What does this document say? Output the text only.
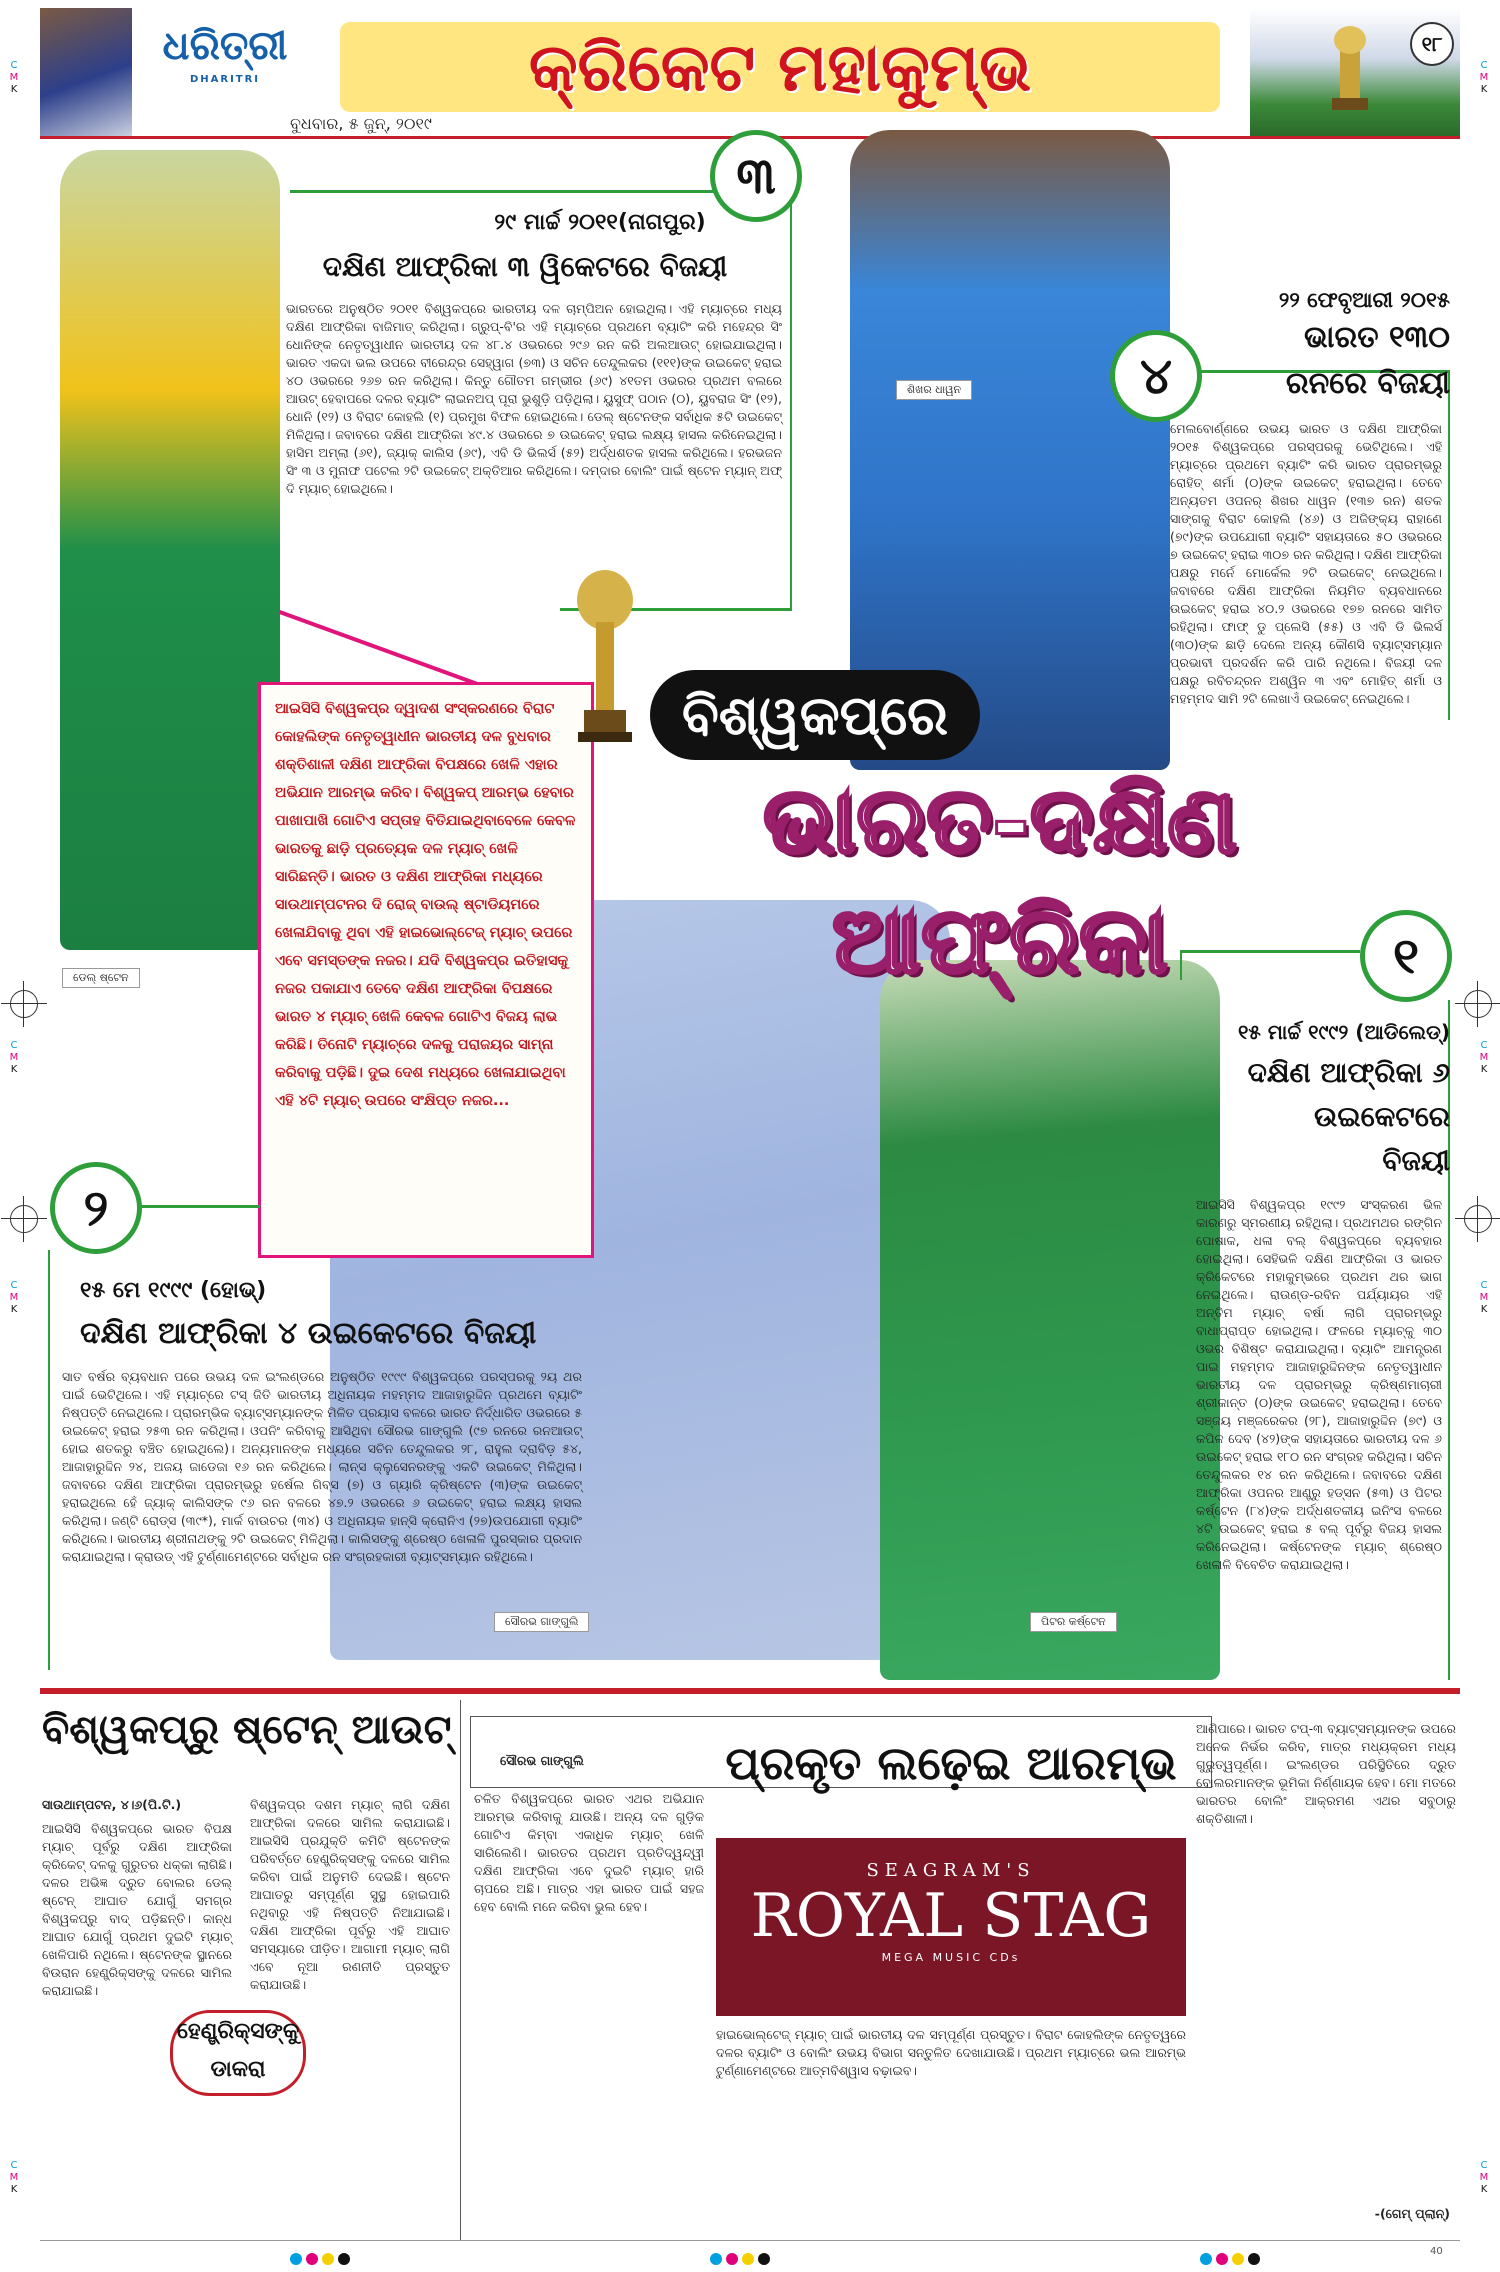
ଧରିତ୍ରୀ
DHARITRI	କ୍ରିକେଟ ମହାକୁମ୍ଭ
ବୁଧବାର, ୫ ଜୁନ୍, ୨୦୧୯
୧୮
C
M
K
C
M
K
C
M
K
C
M
K
C
M
K
C
M
K
C
M
K
C
M
K
ଡେଲ୍ ଷ୍ଟେନ
ଶିଖର ଧାୱନ
ସୌରଭ ଗାଙ୍ଗୁଲି	ପିଟର କର୍ଷ୍ଟେନ
୩
୨୯ ମାର୍ଚ୍ଚ ୨୦୧୧(ନାଗପୁର)
ଦକ୍ଷିଣ ଆଫ୍ରିକା ୩ ୱିକେଟରେ ବିଜୟୀ
ଭାରତରେ ଅନୁଷ୍ଠିତ ୨୦୧୧ ବିଶ୍ୱକପ୍‌ରେ ଭାରତୀୟ ଦଳ ଚାମ୍ପିଅନ ହୋଇଥିଲା। ଏହି ମ୍ୟାଚ୍‌ରେ ମଧ୍ୟ ଦକ୍ଷିଣ ଆଫ୍ରିକା ବାଜିମାତ୍ କରିଥିଲା। ଗ୍ରୁପ୍-ବି'ର ଏହି ମ୍ୟାଚ୍‌ରେ ପ୍ରଥମେ ବ୍ୟାଟିଂ କରି ମହେନ୍ଦ୍ର ସିଂ ଧୋନିଙ୍କ ନେତୃତ୍ୱାଧୀନ ଭାରତୀୟ ଦଳ ୪୮.୪ ଓଭରରେ ୨୯୬ ରନ କରି ଅଲଆଉଟ୍ ହୋଇଯାଇଥିଲା। ଭାରତ ଏକଦା ଭଲ ଉପରେ ବୀରେନ୍ଦ୍ର ସେହ୍‌ୱାଗ (୭୩) ଓ ସଚିନ ତେନ୍ଦୁଲକର (୧୧୧)ଙ୍କ ଉଇକେଟ୍ ହରାଇ ୪୦ ଓଭରରେ ୨୬୭ ରନ କରିଥିଲା। କିନ୍ତୁ ଗୌତମ ଗମ୍ଭୀର (୬୯) ୪୧ତମ ଓଭରର ପ୍ରଥମ ବଲରେ ଆଉଟ୍ ହେବାପରେ ଦଳର ବ୍ୟାଟିଂ ଲାଇନଅପ୍ ପୂରା ଭୁଶୁଡ଼ି ପଡ଼ିଥିଲା। ୟୁସୁଫ୍ ପଠାନ (୦), ୟୁବରାଜ ସିଂ (୧୨), ଧୋନି (୧୨) ଓ ବିରାଟ କୋହଲି (୧) ପ୍ରମୁଖ ବିଫଳ ହୋଇଥିଲେ। ଡେଲ୍ ଷ୍ଟେନଙ୍କ ସର୍ବାଧିକ ୫ଟି ଉଇକେଟ୍ ମିଳିଥିଲା। ଜବାବରେ ଦକ୍ଷିଣ ଆଫ୍ରିକା ୪୯.୪ ଓଭରରେ ୭ ଉଇକେଟ୍ ହରାଇ ଲକ୍ଷ୍ୟ ହାସଲ କରିନେଇଥିଲା। ହାସିମ ଅମ୍ଲା (୬୧), ଜ୍ୟାକ୍ କାଲିସ (୬୯), ଏବି ଡି ଭିଲର୍ସ (୫୨) ଅର୍ଦ୍ଧଶତକ ହାସଲ କରିଥିଲେ। ହରଭଜନ ସିଂ ୩ ଓ ମୁନାଫ ପଟେଲ ୨ଟି ଉଇକେଟ୍ ଅକ୍ତିଆର କରିଥିଲେ। ଦମ୍ଦାର ବୋଲିଂ ପାଇଁ ଷ୍ଟେନ ମ୍ୟାନ୍ ଅଫ୍ ଦି ମ୍ୟାଚ୍ ହୋଇଥିଲେ।
୪
୨୨ ଫେବୃଆରୀ ୨୦୧୫
ଭାରତ ୧୩୦
ରନରେ ବିଜୟୀ
ମେଲବୋର୍ଣ୍ଣରେ ଉଭୟ ଭାରତ ଓ ଦକ୍ଷିଣ ଆଫ୍ରିକା ୨୦୧୫ ବିଶ୍ୱକପ୍‌ରେ ପରସ୍ପରକୁ ଭେଟିଥିଲେ। ଏହି ମ୍ୟାଚ୍‌ରେ ପ୍ରଥମେ ବ୍ୟାଟିଂ କରି ଭାରତ ପ୍ରାରମ୍ଭରୁ ରୋହିତ୍ ଶର୍ମା (୦)ଙ୍କ ଉଇକେଟ୍ ହରାଇଥିଲା। ତେବେ ଅନ୍ୟତମ ଓପନର୍ ଶିଖର ଧାୱନ (୧୩୭ ରନ) ଶତକ ସାଙ୍ଗକୁ ବିରାଟ କୋହଲି (୪୬) ଓ ଅଜିଙ୍କ୍ୟ ରାହାଣେ (୭୯)ଙ୍କ ଉପଯୋଗୀ ବ୍ୟାଟିଂ ସହାୟତାରେ ୫୦ ଓଭରରେ ୭ ଉଇକେଟ୍ ହରାଇ ୩୦୭ ରନ କରିଥିଲା। ଦକ୍ଷିଣ ଆଫ୍ରିକା ପକ୍ଷରୁ ମର୍ନେ ମୋର୍କେଲ ୨ଟି ଉଇକେଟ୍ ନେଇଥିଲେ। ଜବାବରେ ଦକ୍ଷିଣ ଆଫ୍ରିକା ନିୟମିତ ବ୍ୟବଧାନରେ ଉଇକେଟ୍ ହରାଇ ୪୦.୨ ଓଭରରେ ୧୭୭ ରନରେ ସାମିତ ରହିଥିଲା। ଫାଫ୍ ଡୁ ପ୍ଲେସି (୫୫) ଓ ଏବି ଡି ଭିଲର୍ସ (୩୦)ଙ୍କ ଛାଡ଼ି ଦେଲେ ଅନ୍ୟ କୌଣସି ବ୍ୟାଟ୍ସମ୍ୟାନ ପ୍ରଭାବୀ ପ୍ରଦର୍ଶନ କରି ପାରି ନଥିଲେ। ବିଜୟୀ ଦଳ ପକ୍ଷରୁ ରବିଚନ୍ଦ୍ରନ ଅଶ୍ୱିନ ୩ ଏବଂ ମୋହିତ୍ ଶର୍ମା ଓ ମହମ୍ମଦ ସାମି ୨ଟି ଲେଖାଏଁ ଉଇକେଟ୍ ନେଇଥିଲେ।
ଆଇସିସି ବିଶ୍ୱକପ୍‌ର ଦ୍ୱାଦଶ ସଂସ୍କରଣରେ ବିରାଟ କୋହଲିଙ୍କ ନେତୃତ୍ୱାଧୀନ ଭାରତୀୟ ଦଳ ବୁଧବାର ଶକ୍ତିଶାଳୀ ଦକ୍ଷିଣ ଆଫ୍ରିକା ବିପକ୍ଷରେ ଖେଳି ଏହାର ଅଭିଯାନ ଆରମ୍ଭ କରିବ। ବିଶ୍ୱକପ୍ ଆରମ୍ଭ ହେବାର ପାଖାପାଖି ଗୋଟିଏ ସପ୍ତାହ ବିତିଯାଇଥିବାବେଳେ କେବଳ ଭାରତକୁ ଛାଡ଼ି ପ୍ରତ୍ୟେକ ଦଳ ମ୍ୟାଚ୍ ଖେଳି ସାରିଛନ୍ତି। ଭାରତ ଓ ଦକ୍ଷିଣ ଆଫ୍ରିକା ମଧ୍ୟରେ ସାଉଥାମ୍ପଟନର ଦି ରୋଜ୍ ବାଉଲ୍ ଷ୍ଟାଡିୟମରେ ଖେଳାଯିବାକୁ ଥିବା ଏହି ହାଇଭୋଲ୍ଟେଜ୍ ମ୍ୟାଚ୍ ଉପରେ ଏବେ ସମସ୍ତଙ୍କ ନଜର। ଯଦି ବିଶ୍ୱକପ୍‌ର ଇତିହାସକୁ ନଜର ପକାଯାଏ ତେବେ ଦକ୍ଷିଣ ଆଫ୍ରିକା ବିପକ୍ଷରେ ଭାରତ ୪ ମ୍ୟାଚ୍ ଖେଳି କେବଳ ଗୋଟିଏ ବିଜୟ ଲାଭ କରିଛି। ତିନୋଟି ମ୍ୟାଚ୍‌ରେ ଦଳକୁ ପରାଜୟର ସାମ୍ନା କରିବାକୁ ପଡ଼ିଛି। ଦୁଇ ଦେଶ ମଧ୍ୟରେ ଖେଳାଯାଇଥିବା ଏହି ୪ଟି ମ୍ୟାଚ୍ ଉପରେ ସଂକ୍ଷିପ୍ତ ନଜର...
ବିଶ୍ୱକପ୍‌ରେ
ଭାରତ-ଦକ୍ଷିଣ ଆଫ୍ରିକା	୧
୧୫ ମାର୍ଚ୍ଚ ୧୯୯୨ (ଆଡିଲେଡ୍)
ଦକ୍ଷିଣ ଆଫ୍ରିକା ୬
ଉଇକେଟରେ
ବିଜୟୀ
ଆଇସିସି ବିଶ୍ୱକପ୍‌ର ୧୯୯୨ ସଂସ୍କରଣ ଭିଳ କାରଣରୁ ସ୍ମରଣୀୟ ରହିଥିଲା। ପ୍ରଥମଥର ରଙ୍ଗିନ ପୋଷାକ, ଧଳା ବଲ୍ ବିଶ୍ୱକପ୍‌ରେ ବ୍ୟବହାର ହୋଇଥିଲା। ସେହିଭଳି ଦକ୍ଷିଣ ଆଫ୍ରିକା ଓ ଭାରତ କ୍ରିକେଟରେ ମହାକୁମ୍ଭରେ ପ୍ରଥମ ଥର ଭାଗ ନେଇଥିଲେ। ରାଉଣ୍ଡ-ରବିନ ପର୍ଯ୍ୟାୟର ଏହି ଅନ୍ତିମ ମ୍ୟାଚ୍ ବର୍ଷା ଲାଗି ପ୍ରାରମ୍ଭରୁ ବାଧାପ୍ରାପ୍ତ ହୋଇଥିଲା। ଫଳରେ ମ୍ୟାଚ୍‌କୁ ୩୦ ଓଭର ବିଶିଷ୍ଟ କରାଯାଇଥିଲା। ବ୍ୟାଟିଂ ଆମନ୍ତ୍ରଣ ପାଇ ମହମ୍ମଦ ଆଜାହାରୁଦ୍ଦିନଙ୍କ ନେତୃତ୍ୱାଧୀନ ଭାରତୀୟ ଦଳ ପ୍ରାରମ୍ଭରୁ କ୍ରିଷ୍ଣମାଚାରୀ ଶ୍ରୀକାନ୍ତ (୦)ଙ୍କ ଉଇକେଟ୍ ହରାଇଥିଲା। ତେବେ ସଞ୍ଜୟ ମଞ୍ଜରେକର (୨୮), ଆଜାହାରୁଦ୍ଦିନ (୭୯) ଓ କପିଳ ଦେବ (୪୨)ଙ୍କ ସହାୟତାରେ ଭାରତୀୟ ଦଳ ୬ ଉଇକେଟ୍ ହରାଇ ୧୮୦ ରନ ସଂଗ୍ରହ କରିଥିଲା। ସଚିନ ତେନ୍ଦୁଲକର ୧୪ ରନ କରିଥିଲେ। ଜବାବରେ ଦକ୍ଷିଣ ଆଫ୍ରିକା ଓପନର ଆଣ୍ଡ୍ରୁ ହଡ୍‌ସନ (୫୩) ଓ ପିଟର କର୍ଷ୍ଟେନ (୮୪)ଙ୍କ ଅର୍ଦ୍ଧଶତକୀୟ ଇନିଂସ ବଳରେ ୪ଟି ଉଇକେଟ୍ ହରାଇ ୫ ବଲ୍ ପୂର୍ବରୁ ବିଜୟ ହାସଲ କରିନେଇଥିଲା। କର୍ଷ୍ଟେନଙ୍କ ମ୍ୟାଚ୍ ଶ୍ରେଷ୍ଠ ଖେଳାଳି ବିବେଚିତ କରାଯାଇଥିଲା।
୨
୧୫ ମେ ୧୯୯୯ (ହୋଭ୍)
ଦକ୍ଷିଣ ଆଫ୍ରିକା ୪ ଉଇକେଟରେ ବିଜୟୀ
ସାତ ବର୍ଷର ବ୍ୟବଧାନ ପରେ ଉଭୟ ଦଳ ଇଂଲଣ୍ଡରେ ଅନୁଷ୍ଠିତ ୧୯୯୯ ବିଶ୍ୱକପ୍‌ରେ ପରସ୍ପରକୁ ୨ୟ ଥର ପାଇଁ ଭେଟିଥିଲେ। ଏହି ମ୍ୟାଚ୍‌ରେ ଟସ୍ ଜିତି ଭାରତୀୟ ଅଧିନାୟକ ମହମ୍ମଦ ଆଜାହାରୁଦ୍ଦିନ ପ୍ରଥମେ ବ୍ୟାଟିଂ ନିଷ୍ପତ୍ତି ନେଇଥିଲେ। ପ୍ରାରମ୍ଭିକ ବ୍ୟାଟ୍ସମ୍ୟାନଙ୍କ ମିଳିତ ପ୍ରୟାସ ବଳରେ ଭାରତ ନିର୍ଦ୍ଧାରିତ ଓଭରରେ ୫ ଉଇକେଟ୍ ହରାଇ ୨୫୩ ରନ କରିଥିଲା। ଓପନିଂ କରିବାକୁ ଆସିଥିବା ସୌରଭ ଗାଙ୍ଗୁଲି (୯୭ ରନରେ ରନଆଉଟ୍ ହୋଇ ଶତକରୁ ବଞ୍ଚିତ ହୋଇଥିଲେ)। ଅନ୍ୟମାନଙ୍କ ମଧ୍ୟରେ ସଚିନ ତେନ୍ଦୁଲକର ୨୮, ରାହୁଲ ଦ୍ରାବିଡ଼ ୫୪, ଆଜାହାରୁଦ୍ଦିନ ୨୪, ଅଜୟ ଜାଡେଜା ୧୬ ରନ କରିଥିଲେ। ଲାନ୍ସ କ୍ଲୁସେନରଙ୍କୁ ଏକଟି ଉଇକେଟ୍ ମିଳିଥିଲା। ଜବାବରେ ଦକ୍ଷିଣ ଆଫ୍ରିକା ପ୍ରାରମ୍ଭରୁ ହର୍ଷେଲ ଗିବ୍ସ (୭) ଓ ଗ୍ୟାରି କ୍ରିଷ୍ଟେନ (୩)ଙ୍କ ଉଇକେଟ୍ ହରାଇଥିଲେ ହେଁ ଜ୍ୟାକ୍ କାଲିସଙ୍କ ୯୬ ରନ ବଳରେ ୪୭.୨ ଓଭରରେ ୬ ଉଇକେଟ୍ ହରାଇ ଲକ୍ଷ୍ୟ ହାସଲ କରିଥିଲା। ଜଣ୍ଟି ରୋଡ୍ସ (୩୯*), ମାର୍କ ବାଉଚର (୩୪) ଓ ଅଧିନାୟକ ହାନ୍ସି କ୍ରୋନିଏ (୨୭)ଉପଯୋଗୀ ବ୍ୟାଟିଂ କରିଥିଲେ। ଭାରତୀୟ ଶ୍ରୀନାଥଙ୍କୁ ୨ଟି ଉଇକେଟ୍ ମିଳିଥିଲା। କାଲିସଙ୍କୁ ଶ୍ରେଷ୍ଠ ଖେଳାଳି ପୁରସ୍କାର ପ୍ରଦାନ କରାଯାଇଥିଲା। କ୍ରାଉଡ୍ ଏହି ଟୁର୍ଣ୍ଣାମେଣ୍ଟରେ ସର୍ବାଧିକ ରନ ସଂଗ୍ରହକାରୀ ବ୍ୟାଟ୍ସମ୍ୟାନ ରହିଥିଲେ।
ବିଶ୍ୱକପ୍‌ରୁ ଷ୍ଟେନ୍ ଆଉଟ୍
ସାଉଥାମ୍ପଟନ, ୪।୬(ପି.ଟି.)
ଆଇସିସି ବିଶ୍ୱକପ୍‌ରେ ଭାରତ ବିପକ୍ଷ ମ୍ୟାଚ୍ ପୂର୍ବରୁ ଦକ୍ଷିଣ ଆଫ୍ରିକା କ୍ରିକେଟ୍ ଦଳକୁ ଗୁରୁତର ଧକ୍କା ଲାଗିଛି। ଦଳର ଅଭିଜ୍ଞ ଦ୍ରୁତ ବୋଲର ଡେଲ୍ ଷ୍ଟେନ୍ ଆଘାତ ଯୋଗୁଁ ସମଗ୍ର ବିଶ୍ୱକପ୍‌ରୁ ବାଦ୍ ପଡ଼ିଛନ୍ତି। କାନ୍ଧ ଆଘାତ ଯୋଗୁଁ ପ୍ରଥମ ଦୁଇଟି ମ୍ୟାଚ୍ ଖେଳିପାରି ନଥିଲେ। ଷ୍ଟେନଙ୍କ ସ୍ଥାନରେ ବିଉରାନ ହେଣ୍ଡ୍ରିକ୍ସଙ୍କୁ ଦଳରେ ସାମିଲ କରାଯାଇଛି।
ବିଶ୍ୱକପ୍‌ର ଦଶମ ମ୍ୟାଚ୍ ଲାଗି ଦକ୍ଷିଣ ଆଫ୍ରିକା ଦଳରେ ସାମିଲ କରାଯାଇଛି। ଆଇସିସି ପ୍ରଯୁକ୍ତି କମିଟି ଷ୍ଟେନଙ୍କ ପରିବର୍ତ୍ତେ ହେଣ୍ଡ୍ରିକ୍ସଙ୍କୁ ଦଳରେ ସାମିଲ କରିବା ପାଇଁ ଅନୁମତି ଦେଇଛି। ଷ୍ଟେନ ଆଘାତରୁ ସମ୍ପୂର୍ଣ୍ଣ ସୁସ୍ଥ ହୋଇପାରି ନଥିବାରୁ ଏହି ନିଷ୍ପତ୍ତି ନିଆଯାଇଛି। ଦକ୍ଷିଣ ଆଫ୍ରିକା ପୂର୍ବରୁ ଏହି ଆଘାତ ସମସ୍ୟାରେ ପୀଡ଼ିତ। ଆଗାମୀ ମ୍ୟାଚ୍ ଲାଗି ଏବେ ନୂଆ ରଣନୀତି ପ୍ରସ୍ତୁତ କରାଯାଉଛି।
ହେଣ୍ଡ୍ରିକ୍ସଙ୍କୁ ଡାକରା
ସୌରଭ ଗାଙ୍ଗୁଲି	ପ୍ରକୃତ ଲଢ଼େଇ ଆରମ୍ଭ
ଚଳିତ ବିଶ୍ୱକପ୍‌ରେ ଭାରତ ଏଥର ଅଭିଯାନ ଆରମ୍ଭ କରିବାକୁ ଯାଉଛି। ଅନ୍ୟ ଦଳ ଗୁଡ଼ିକ ଗୋଟିଏ କିମ୍ବା ଏକାଧିକ ମ୍ୟାଚ୍ ଖେଳି ସାରିଲେଣି। ଭାରତର ପ୍ରଥମ ପ୍ରତିଦ୍ୱନ୍ଦ୍ୱୀ ଦକ୍ଷିଣ ଆଫ୍ରିକା ଏବେ ଦୁଇଟି ମ୍ୟାଚ୍ ହାରି ଚାପରେ ଅଛି। ମାତ୍ର ଏହା ଭାରତ ପାଇଁ ସହଜ ହେବ ବୋଲି ମନେ କରିବା ଭୁଲ ହେବ।
SEAGRAM'S
ROYAL STAG
MEGA MUSIC CDs
ହାଇଭୋଲ୍ଟେଜ୍ ମ୍ୟାଚ୍ ପାଇଁ ଭାରତୀୟ ଦଳ ସମ୍ପୂର୍ଣ୍ଣ ପ୍ରସ୍ତୁତ। ବିରାଟ କୋହଲିଙ୍କ ନେତୃତ୍ୱରେ ଦଳର ବ୍ୟାଟିଂ ଓ ବୋଲିଂ ଉଭୟ ବିଭାଗ ସନ୍ତୁଳିତ ଦେଖାଯାଉଛି। ପ୍ରଥମ ମ୍ୟାଚ୍‌ରେ ଭଲ ଆରମ୍ଭ ଟୁର୍ଣ୍ଣାମେଣ୍ଟରେ ଆତ୍ମବିଶ୍ୱାସ ବଢ଼ାଇବ।
ଆଣିପାରେ। ଭାରତ ଟପ୍-୩ ବ୍ୟାଟ୍ସମ୍ୟାନଙ୍କ ଉପରେ ଅନେକ ନିର୍ଭର କରିବ, ମାତ୍ର ମଧ୍ୟକ୍ରମ ମଧ୍ୟ ଗୁରୁତ୍ୱପୂର୍ଣ୍ଣ। ଇଂଲଣ୍ଡର ପରିସ୍ଥିତିରେ ଦ୍ରୁତ ବୋଲରମାନଙ୍କ ଭୂମିକା ନିର୍ଣ୍ଣାୟକ ହେବ। ମୋ ମତରେ ଭାରତର ବୋଲିଂ ଆକ୍ରମଣ ଏଥର ସବୁଠାରୁ ଶକ୍ତିଶାଳୀ।
-(ଗେମ୍ ପ୍ଲାନ୍)
40
